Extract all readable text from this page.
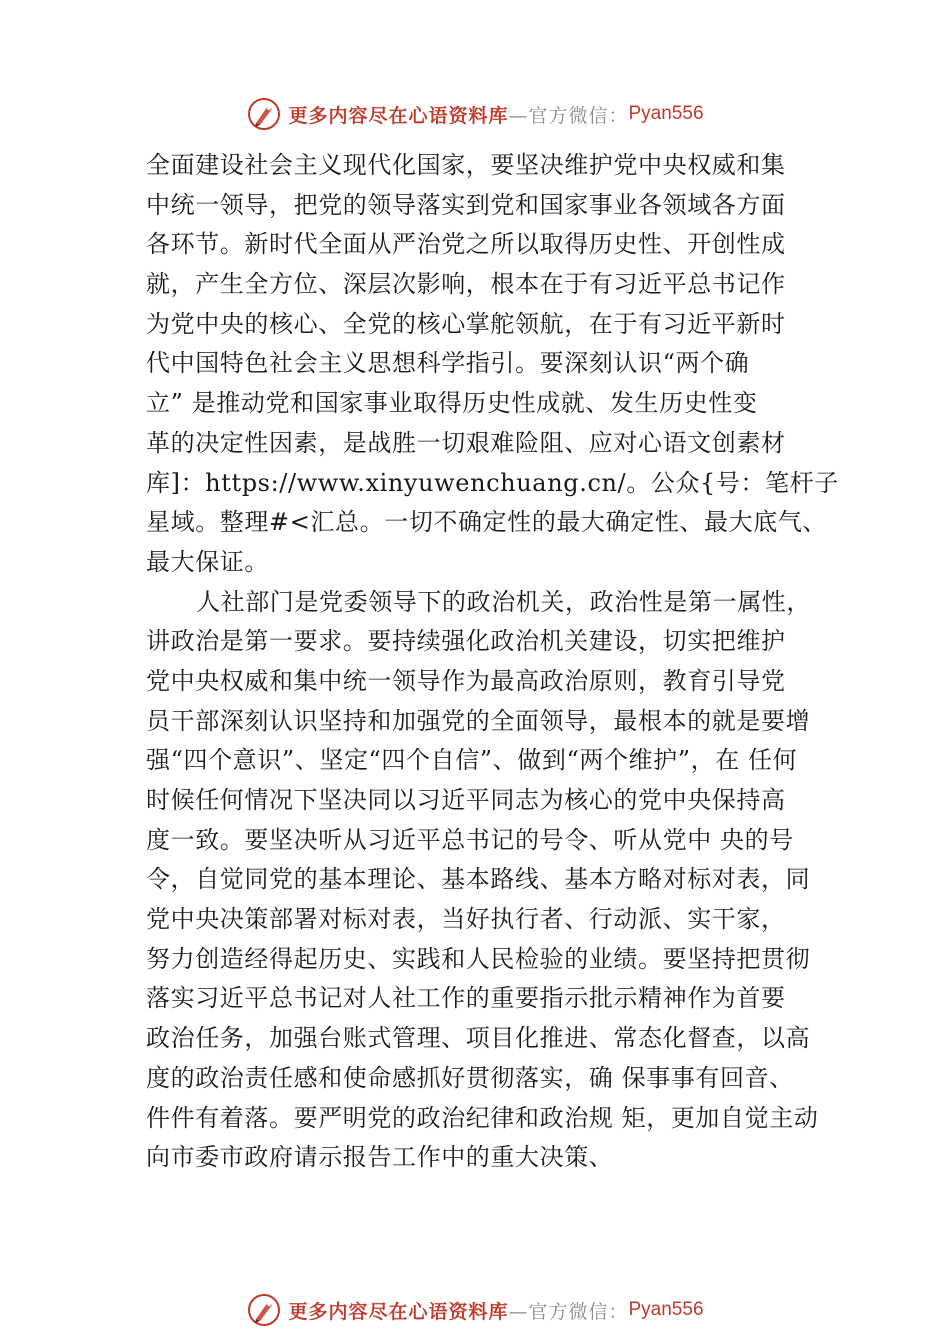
更多内容尽在心语资料库 —官方微信： Pyan556
全面建设社会主义现代化国家，要坚决维护党中央权威和集
中统一领导，把党的领导落实到党和国家事业各领域各方面
各环节。新时代全面从严治党之所以取得历史性、开创性成
就，产生全方位、深层次影响，根本在于有习近平总书记作
为党中央的核心、全党的核心掌舵领航，在于有习近平新时
代中国特色社会主义思想科学指引。要深刻认识“两个确
立” 是推动党和国家事业取得历史性成就、发生历史性变
革的决定性因素，是战胜一切艰难险阻、应对心语文创素材
库]：https://www.xinyuwenchuang.cn/。公众{号：笔杆子
星域。整理#<汇总。一切不确定性的最大确定性、最大底气、
最大保证。
人社部门是党委领导下的政治机关，政治性是第一属性，
讲政治是第一要求。要持续强化政治机关建设，切实把维护
党中央权威和集中统一领导作为最高政治原则，教育引导党
员干部深刻认识坚持和加强党的全面领导，最根本的就是要增
强“四个意识”、坚定“四个自信”、做到“两个维护”，在 任何
时候任何情况下坚决同以习近平同志为核心的党中央保持高
度一致。要坚决听从习近平总书记的号令、听从党中 央的号
令，自觉同党的基本理论、基本路线、基本方略对标对表，同
党中央决策部署对标对表，当好执行者、行动派、实干家，
努力创造经得起历史、实践和人民检验的业绩。要坚持把贯彻
落实习近平总书记对人社工作的重要指示批示精神作为首要
政治任务，加强台账式管理、项目化推进、常态化督查，以高
度的政治责任感和使命感抓好贯彻落实，确 保事事有回音、
件件有着落。要严明党的政治纪律和政治规 矩，更加自觉主动
向市委市政府请示报告工作中的重大决策、
更多内容尽在心语资料库 —官方微信： Pyan556
